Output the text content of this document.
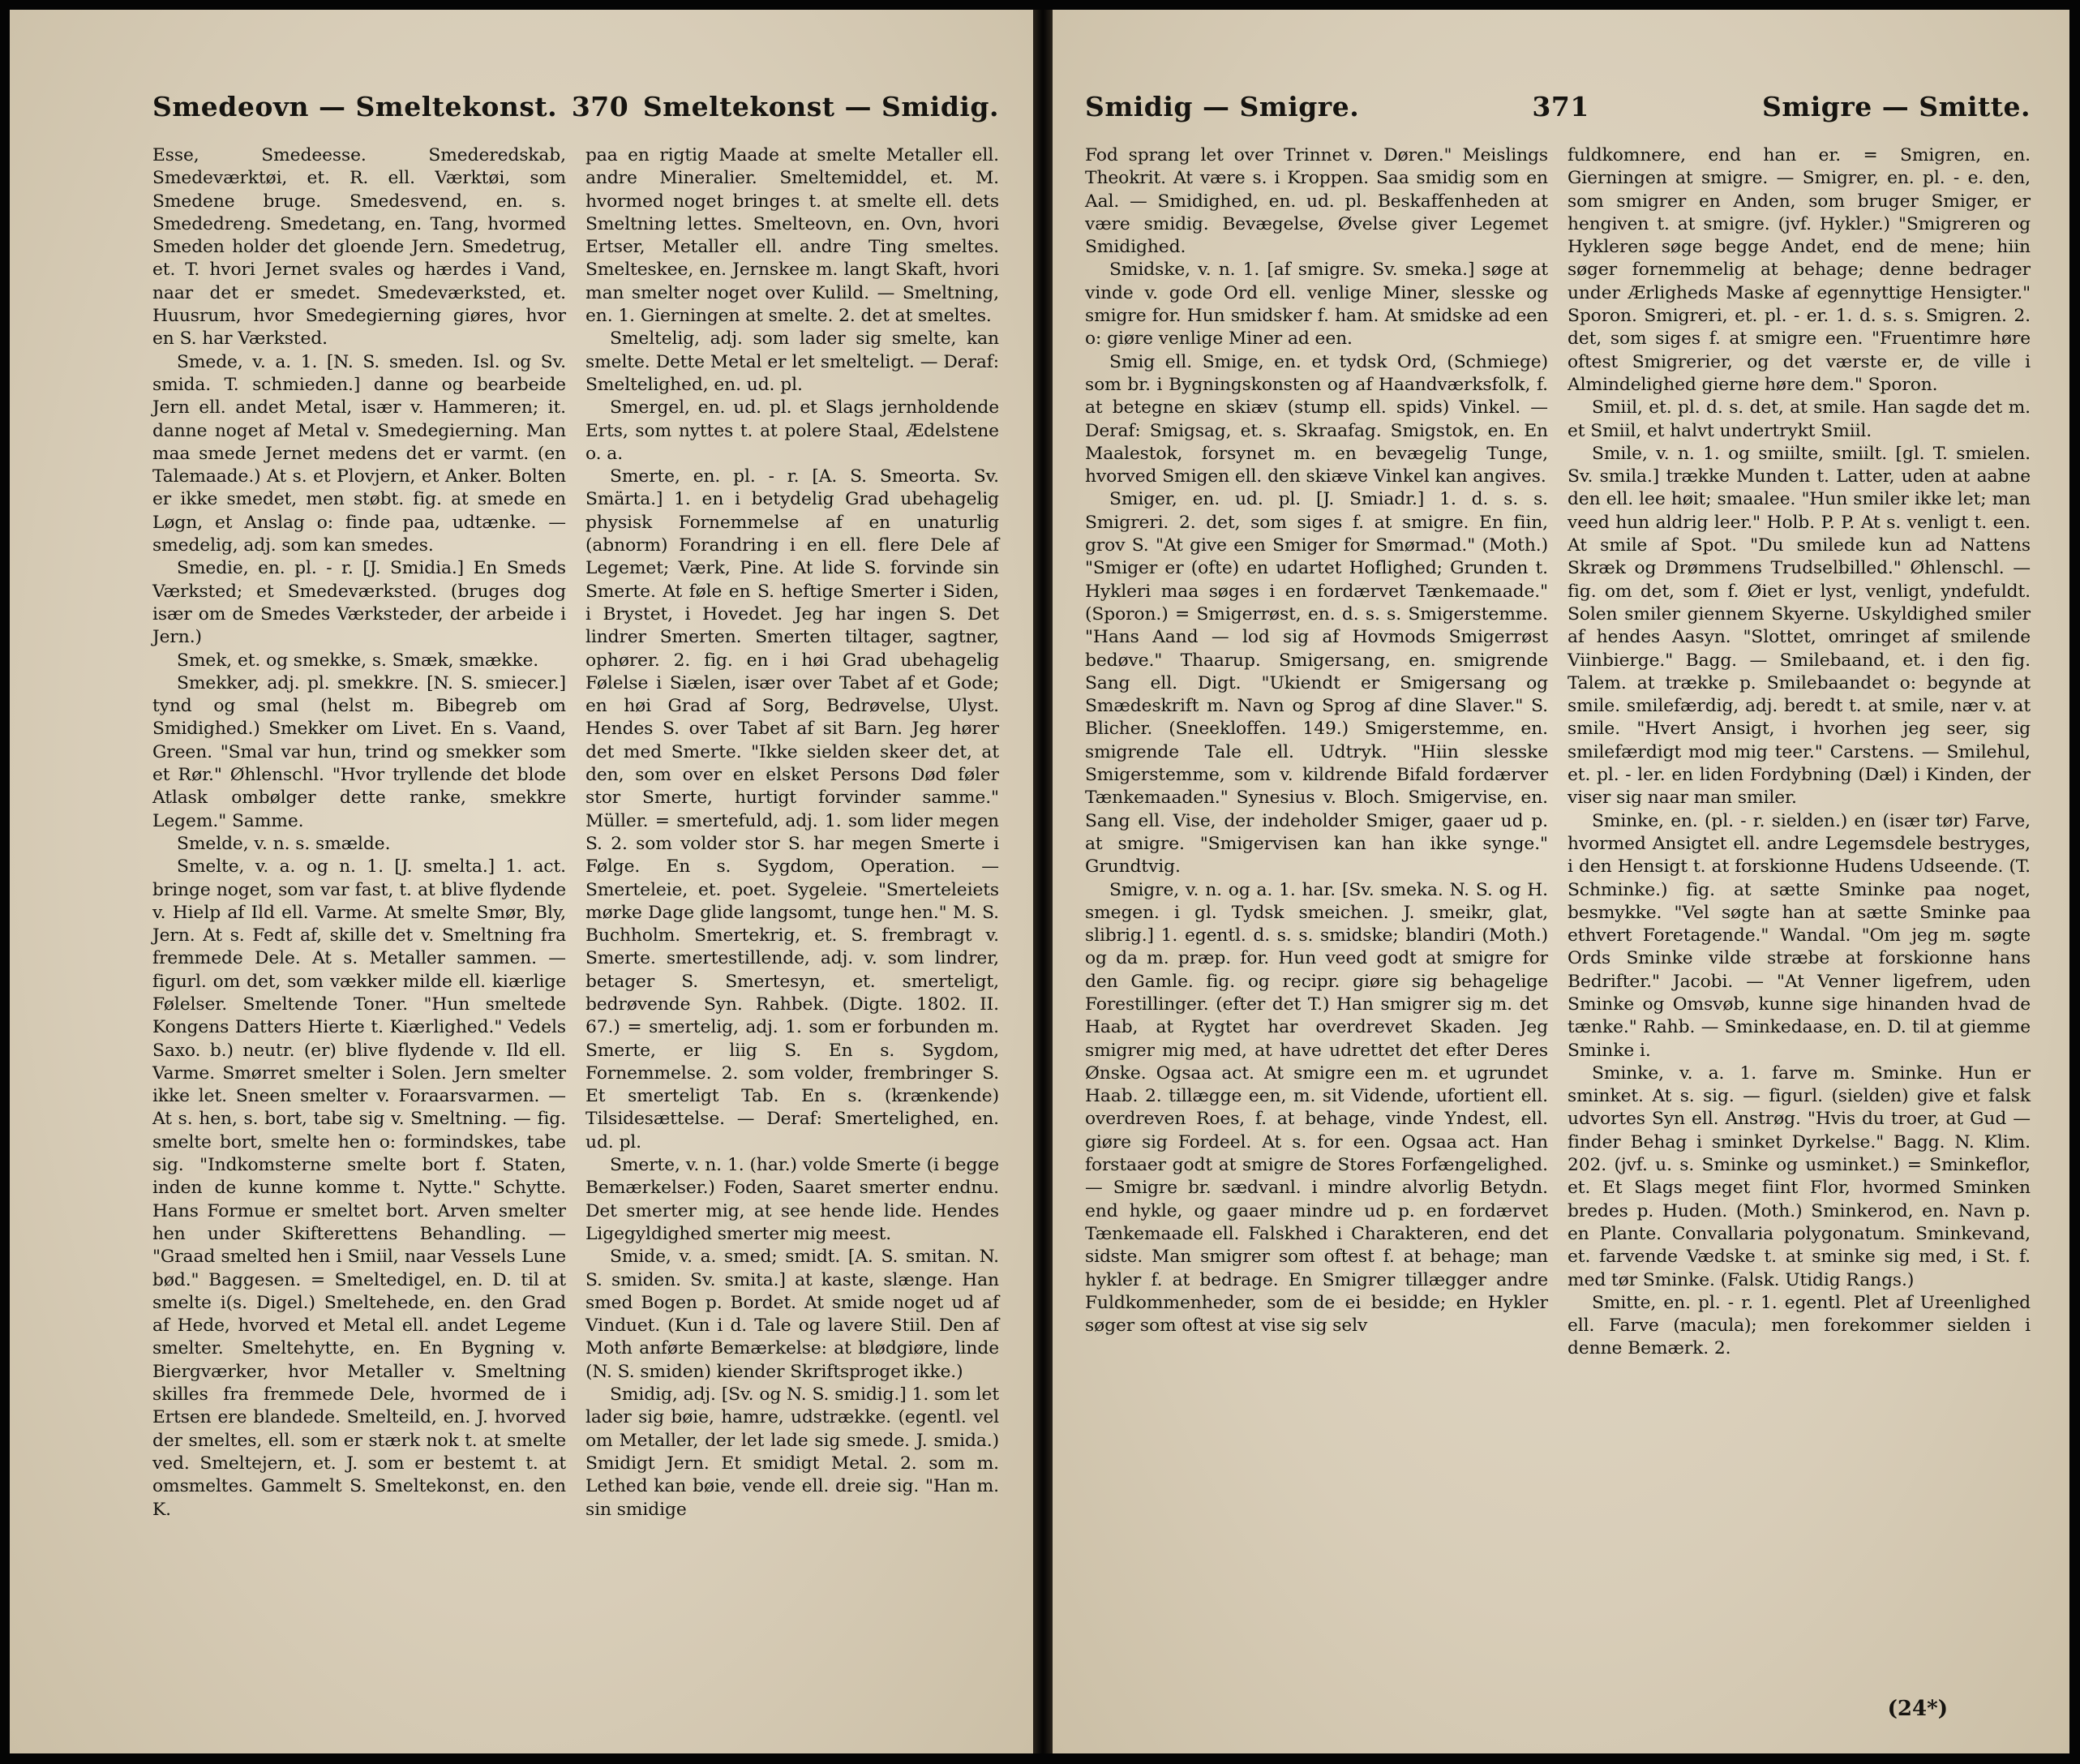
Smedeovn — Smeltekonst. 370 Smeltekonst — Smidig.

Esse, Smedeesse. Smederedskab, Smedeværktøi, et. R. ell. Værktøi, som Smedene bruge. Smedesvend, en. s. Smededreng. Smedetang, en. Tang, hvormed Smeden holder det gloende Jern. Smedetrug, et. T. hvori Jernet svales og hærdes i Vand, naar det er smedet. Smedeværksted, et. Huusrum, hvor Smedegierning giøres, hvor en S. har Værksted.

Smede, v. a. 1. [N. S. smeden. Isl. og Sv. smida. T. schmieden.] danne og bearbeide Jern ell. andet Metal, især v. Hammeren; it. danne noget af Metal v. Smedegierning. Man maa smede Jernet medens det er varmt. (en Talemaade.) At s. et Plovjern, et Anker. Bolten er ikke smedet, men støbt. fig. at smede en Løgn, et Anslag o: finde paa, udtænke. — smedelig, adj. som kan smedes.

Smedie, en. pl. - r. [J. Smidia.] En Smeds Værksted; et Smedeværksted. (bruges dog især om de Smedes Værksteder, der arbeide i Jern.)

Smek, et. og smekke, s. Smæk, smække.

Smekker, adj. pl. smekkre. [N. S. smiecer.] tynd og smal (helst m. Bibegreb om Smidighed.) Smekker om Livet. En s. Vaand, Green. "Smal var hun, trind og smekker som et Rør." Øhlenschl. "Hvor tryllende det blode Atlask ombølger dette ranke, smekkre Legem." Samme.

Smelde, v. n. s. smælde.

Smelte, v. a. og n. 1. [J. smelta.] 1. act. bringe noget, som var fast, t. at blive flydende v. Hielp af Ild ell. Varme. At smelte Smør, Bly, Jern. At s. Fedt af, skille det v. Smeltning fra fremmede Dele. At s. Metaller sammen. — figurl. om det, som vækker milde ell. kiærlige Følelser. Smeltende Toner. "Hun smeltede Kongens Datters Hierte t. Kiærlighed." Vedels Saxo. b.) neutr. (er) blive flydende v. Ild ell. Varme. Smørret smelter i Solen. Jern smelter ikke let. Sneen smelter v. Foraarsvarmen. — At s. hen, s. bort, tabe sig v. Smeltning. — fig. smelte bort, smelte hen o: formindskes, tabe sig. "Indkomsterne smelte bort f. Staten, inden de kunne komme t. Nytte." Schytte. Hans Formue er smeltet bort. Arven smelter hen under Skifterettens Behandling. — "Graad smelted hen i Smiil, naar Vessels Lune bød." Baggesen. = Smeltedigel, en. D. til at smelte i(s. Digel.) Smeltehede, en. den Grad af Hede, hvorved et Metal ell. andet Legeme smelter. Smeltehytte, en. En Bygning v. Biergværker, hvor Metaller v. Smeltning skilles fra fremmede Dele, hvormed de i Ertsen ere blandede. Smelteild, en. J. hvorved der smeltes, ell. som er stærk nok t. at smelte ved. Smeltejern, et. J. som er bestemt t. at omsmeltes. Gammelt S. Smeltekonst, en. den K.

paa en rigtig Maade at smelte Metaller ell. andre Mineralier. Smeltemiddel, et. M. hvormed noget bringes t. at smelte ell. dets Smeltning lettes. Smelteovn, en. Ovn, hvori Ertser, Metaller ell. andre Ting smeltes. Smelteskee, en. Jernskee m. langt Skaft, hvori man smelter noget over Kulild. — Smeltning, en. 1. Gierningen at smelte. 2. det at smeltes.

Smeltelig, adj. som lader sig smelte, kan smelte. Dette Metal er let smelteligt. — Deraf: Smeltelighed, en. ud. pl.

Smergel, en. ud. pl. et Slags jernholdende Erts, som nyttes t. at polere Staal, Ædelstene o. a.

Smerte, en. pl. - r. [A. S. Smeorta. Sv. Smärta.] 1. en i betydelig Grad ubehagelig physisk Fornemmelse af en unaturlig (abnorm) Forandring i en ell. flere Dele af Legemet; Værk, Pine. At lide S. forvinde sin Smerte. At føle en S. heftige Smerter i Siden, i Brystet, i Hovedet. Jeg har ingen S. Det lindrer Smerten. Smerten tiltager, sagtner, ophører. 2. fig. en i høi Grad ubehagelig Følelse i Siælen, især over Tabet af et Gode; en høi Grad af Sorg, Bedrøvelse, Ulyst. Hendes S. over Tabet af sit Barn. Jeg hører det med Smerte. "Ikke sielden skeer det, at den, som over en elsket Persons Død føler stor Smerte, hurtigt forvinder samme." Müller. = smertefuld, adj. 1. som lider megen S. 2. som volder stor S. har megen Smerte i Følge. En s. Sygdom, Operation. — Smerteleie, et. poet. Sygeleie. "Smerteleiets mørke Dage glide langsomt, tunge hen." M. S. Buchholm. Smertekrig, et. S. frembragt v. Smerte. smertestillende, adj. v. som lindrer, betager S. Smertesyn, et. smerteligt, bedrøvende Syn. Rahbek. (Digte. 1802. II. 67.) = smertelig, adj. 1. som er forbunden m. Smerte, er liig S. En s. Sygdom, Fornemmelse. 2. som volder, frembringer S. Et smerteligt Tab. En s. (krænkende) Tilsidesættelse. — Deraf: Smertelighed, en. ud. pl.

Smerte, v. n. 1. (har.) volde Smerte (i begge Bemærkelser.) Foden, Saaret smerter endnu. Det smerter mig, at see hende lide. Hendes Ligegyldighed smerter mig meest.

Smide, v. a. smed; smidt. [A. S. smitan. N. S. smiden. Sv. smita.] at kaste, slænge. Han smed Bogen p. Bordet. At smide noget ud af Vinduet. (Kun i d. Tale og lavere Stiil. Den af Moth anførte Bemærkelse: at blødgiøre, linde (N. S. smiden) kiender Skriftsproget ikke.)

Smidig, adj. [Sv. og N. S. smidig.] 1. som let lader sig bøie, hamre, udstrække. (egentl. vel om Metaller, der let lade sig smede. J. smida.) Smidigt Jern. Et smidigt Metal. 2. som m. Lethed kan bøie, vende ell. dreie sig. "Han m. sin smidige

Smidig — Smigre.	371	Smigre — Smitte.

Fod sprang let over Trinnet v. Døren." Meislings Theokrit. At være s. i Kroppen. Saa smidig som en Aal. — Smidighed, en. ud. pl. Beskaffenheden at være smidig. Bevægelse, Øvelse giver Legemet Smidighed.

Smidske, v. n. 1. [af smigre. Sv. smeka.] søge at vinde v. gode Ord ell. venlige Miner, slesske og smigre for. Hun smidsker f. ham. At smidske ad een o: giøre venlige Miner ad een.

Smig ell. Smige, en. et tydsk Ord, (Schmiege) som br. i Bygningskonsten og af Haandværksfolk, f. at betegne en skiæv (stump ell. spids) Vinkel. — Deraf: Smigsag, et. s. Skraafag. Smigstok, en. En Maalestok, forsynet m. en bevægelig Tunge, hvorved Smigen ell. den skiæve Vinkel kan angives.

Smiger, en. ud. pl. [J. Smiadr.] 1. d. s. s. Smigreri. 2. det, som siges f. at smigre. En fiin, grov S. "At give een Smiger for Smørmad." (Moth.) "Smiger er (ofte) en udartet Hoflighed; Grunden t. Hykleri maa søges i en fordærvet Tænkemaade." (Sporon.) = Smigerrøst, en. d. s. s. Smigerstemme. "Hans Aand — lod sig af Hovmods Smigerrøst bedøve." Thaarup. Smigersang, en. smigrende Sang ell. Digt. "Ukiendt er Smigersang og Smædeskrift m. Navn og Sprog af dine Slaver." S. Blicher. (Sneekloffen. 149.) Smigerstemme, en. smigrende Tale ell. Udtryk. "Hiin slesske Smigerstemme, som v. kildrende Bifald fordærver Tænkemaaden." Synesius v. Bloch. Smigervise, en. Sang ell. Vise, der indeholder Smiger, gaaer ud p. at smigre. "Smigervisen kan han ikke synge." Grundtvig.

Smigre, v. n. og a. 1. har. [Sv. smeka. N. S. og H. smegen. i gl. Tydsk smeichen. J. smeikr, glat, slibrig.] 1. egentl. d. s. s. smidske; blandiri (Moth.) og da m. præp. for. Hun veed godt at smigre for den Gamle. fig. og recipr. giøre sig behagelige Forestillinger. (efter det T.) Han smigrer sig m. det Haab, at Rygtet har overdrevet Skaden. Jeg smigrer mig med, at have udrettet det efter Deres Ønske. Ogsaa act. At smigre een m. et ugrundet Haab. 2. tillægge een, m. sit Vidende, ufortient ell. overdreven Roes, f. at behage, vinde Yndest, ell. giøre sig Fordeel. At s. for een. Ogsaa act. Han forstaaer godt at smigre de Stores Forfængelighed. — Smigre br. sædvanl. i mindre alvorlig Betydn. end hykle, og gaaer mindre ud p. en fordærvet Tænkemaade ell. Falskhed i Charakteren, end det sidste. Man smigrer som oftest f. at behage; man hykler f. at bedrage. En Smigrer tillægger andre Fuldkommenheder, som de ei besidde; en Hykler søger som oftest at vise sig selv

fuldkomnere, end han er. = Smigren, en. Gierningen at smigre. — Smigrer, en. pl. - e. den, som smigrer en Anden, som bruger Smiger, er hengiven t. at smigre. (jvf. Hykler.) "Smigreren og Hykleren søge begge Andet, end de mene; hiin søger fornemmelig at behage; denne bedrager under Ærligheds Maske af egennyttige Hensigter." Sporon. Smigreri, et. pl. - er. 1. d. s. s. Smigren. 2. det, som siges f. at smigre een. "Fruentimre høre oftest Smigrerier, og det værste er, de ville i Almindelighed gierne høre dem." Sporon.

Smiil, et. pl. d. s. det, at smile. Han sagde det m. et Smiil, et halvt undertrykt Smiil.

Smile, v. n. 1. og smiilte, smiilt. [gl. T. smielen. Sv. smila.] trække Munden t. Latter, uden at aabne den ell. lee høit; smaalee. "Hun smiler ikke let; man veed hun aldrig leer." Holb. P. P. At s. venligt t. een. At smile af Spot. "Du smilede kun ad Nattens Skræk og Drømmens Trudselbilled." Øhlenschl. — fig. om det, som f. Øiet er lyst, venligt, yndefuldt. Solen smiler giennem Skyerne. Uskyldighed smiler af hendes Aasyn. "Slottet, omringet af smilende Viinbierge." Bagg. — Smilebaand, et. i den fig. Talem. at trække p. Smilebaandet o: begynde at smile. smilefærdig, adj. beredt t. at smile, nær v. at smile. "Hvert Ansigt, i hvorhen jeg seer, sig smilefærdigt mod mig teer." Carstens. — Smilehul, et. pl. - ler. en liden Fordybning (Dæl) i Kinden, der viser sig naar man smiler.

Sminke, en. (pl. - r. sielden.) en (især tør) Farve, hvormed Ansigtet ell. andre Legemsdele bestryges, i den Hensigt t. at forskionne Hudens Udseende. (T. Schminke.) fig. at sætte Sminke paa noget, besmykke. "Vel søgte han at sætte Sminke paa ethvert Foretagende." Wandal. "Om jeg m. søgte Ords Sminke vilde stræbe at forskionne hans Bedrifter." Jacobi. — "At Venner ligefrem, uden Sminke og Omsvøb, kunne sige hinanden hvad de tænke." Rahb. — Sminkedaase, en. D. til at giemme Sminke i.

Sminke, v. a. 1. farve m. Sminke. Hun er sminket. At s. sig. — figurl. (sielden) give et falsk udvortes Syn ell. Anstrøg. "Hvis du troer, at Gud — finder Behag i sminket Dyrkelse." Bagg. N. Klim. 202. (jvf. u. s. Sminke og usminket.) = Sminkeflor, et. Et Slags meget fiint Flor, hvormed Sminken bredes p. Huden. (Moth.) Sminkerod, en. Navn p. en Plante. Convallaria polygonatum. Sminkevand, et. farvende Vædske t. at sminke sig med, i St. f. med tør Sminke. (Falsk. Utidig Rangs.)

Smitte, en. pl. - r. 1. egentl. Plet af Ureenlighed ell. Farve (macula); men forekommer sielden i denne Bemærk. 2.

(24*)
